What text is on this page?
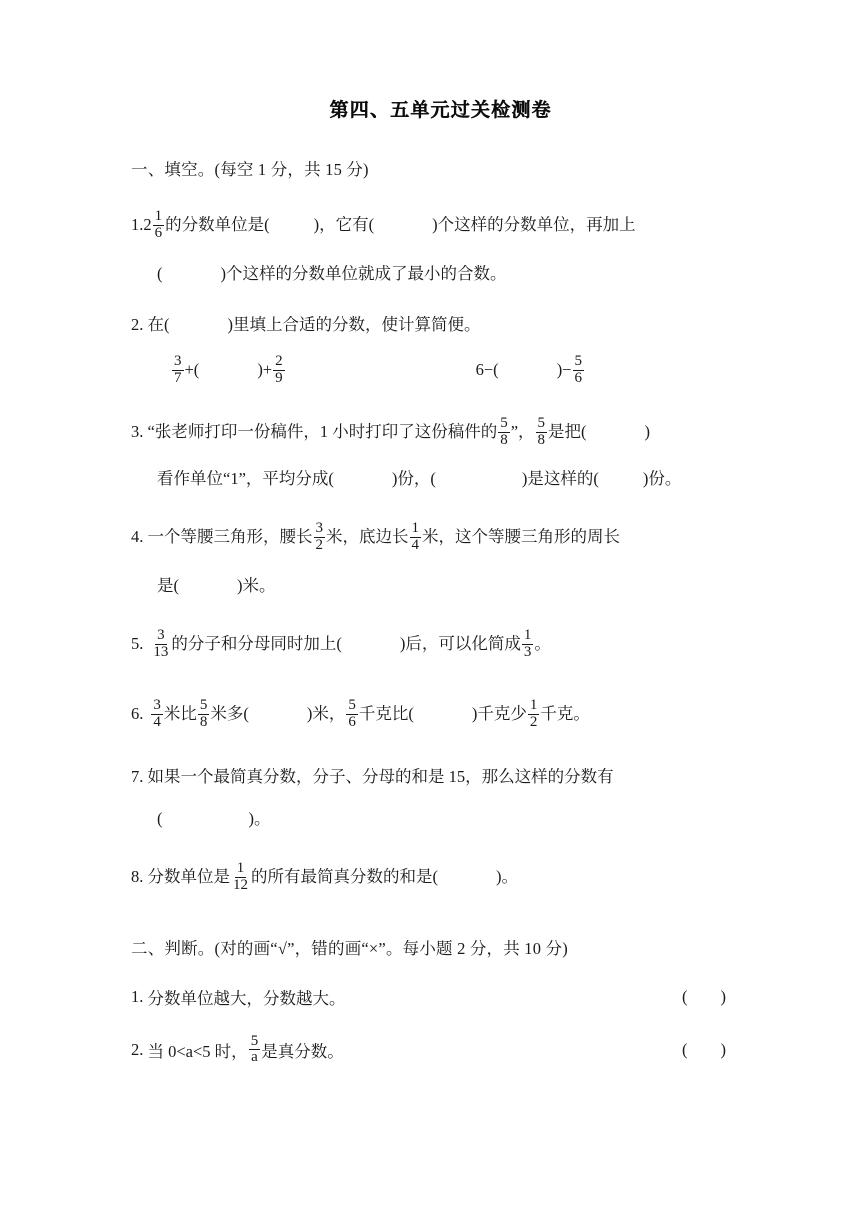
第四、五单元过关检测卷
一、填空。(每空 1 分，共 15 分)
1. $2 \frac{1}{6}$ 的分数单位是(	)，它有(	)个这样的分数单位，再加上
(	)个这样的分数单位就成了最小的合数。
2. 在(	)里填上合适的分数，使计算简便。
$\frac{3}{7}$ +(	)+ $\frac{2}{9}$	6−(	)− $\frac{5}{6}$
3. “张老师打印一份稿件，1 小时打印了这份稿件的 $\frac{5}{8}$ ”， $\frac{5}{8}$ 是把(	)
看作单位“1”，平均分成(	)份，(	)是这样的(	)份。
4. 一个等腰三角形，腰长 $\frac{3}{2}$ 米，底边长 $\frac{1}{4}$ 米，这个等腰三角形的周长
是(	)米。
5. $\frac{3}{13}$ 的分子和分母同时加上(	)后，可以化简成 $\frac{1}{3}$ 。
6. $\frac{3}{4}$ 米比 $\frac{5}{8}$ 米多(	)米， $\frac{5}{6}$ 千克比(	)千克少 $\frac{1}{2}$ 千克。
7. 如果一个最简真分数，分子、分母的和是 15，那么这样的分数有
(	)。
8. 分数单位是 $\frac{1}{12}$ 的所有最简真分数的和是(	)。
二、判断。(对的画“√”，错的画“×”。每小题 2 分，共 10 分)
1. 分数单位越大，分数越大。	(        )
2. 当 0<a<5 时， $\frac{5}{a}$ 是真分数。	(        )
